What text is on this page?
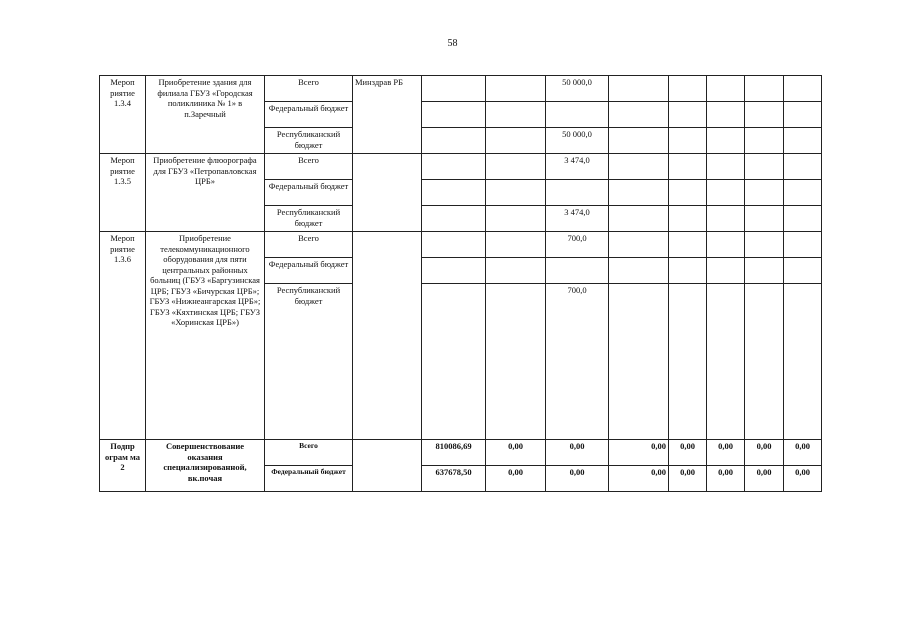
58
Мероп риятие 1.3.4	Приобретение здания для филиала ГБУЗ «Городская поликлиника № 1» в п.Заречный	Всего	Минздрав РБ			50 000,0					
		Федеральный бюджет									
		Республиканский бюджет				50 000,0					
Мероп риятие 1.3.5	Приобретение флюорографа для ГБУЗ «Петропавловская ЦРБ»	Всего				3 474,0					
		Федеральный бюджет									
		Республиканский бюджет				3 474,0					
Мероп риятие 1.3.6	Приобретение телекоммуникационного оборудования для пяти центральных районных больниц (ГБУЗ «Баргузинская ЦРБ; ГБУЗ «Бичурская ЦРБ»; ГБУЗ «Нижнеангарская ЦРБ»; ГБУЗ «Кяхтинская ЦРБ; ГБУЗ «Хоринская ЦРБ»)	Всего				700,0					
		Федеральный бюджет									
		Республиканский бюджет				700,0					
Подпр ограм ма 2	Совершенствование оказания специализированной, вк.почая	Всего		810086,69	0,00	0,00	0,00	0,00	0,00	0,00	0,00
		Федеральный бюджет		637678,50	0,00	0,00	0,00	0,00	0,00	0,00	0,00
